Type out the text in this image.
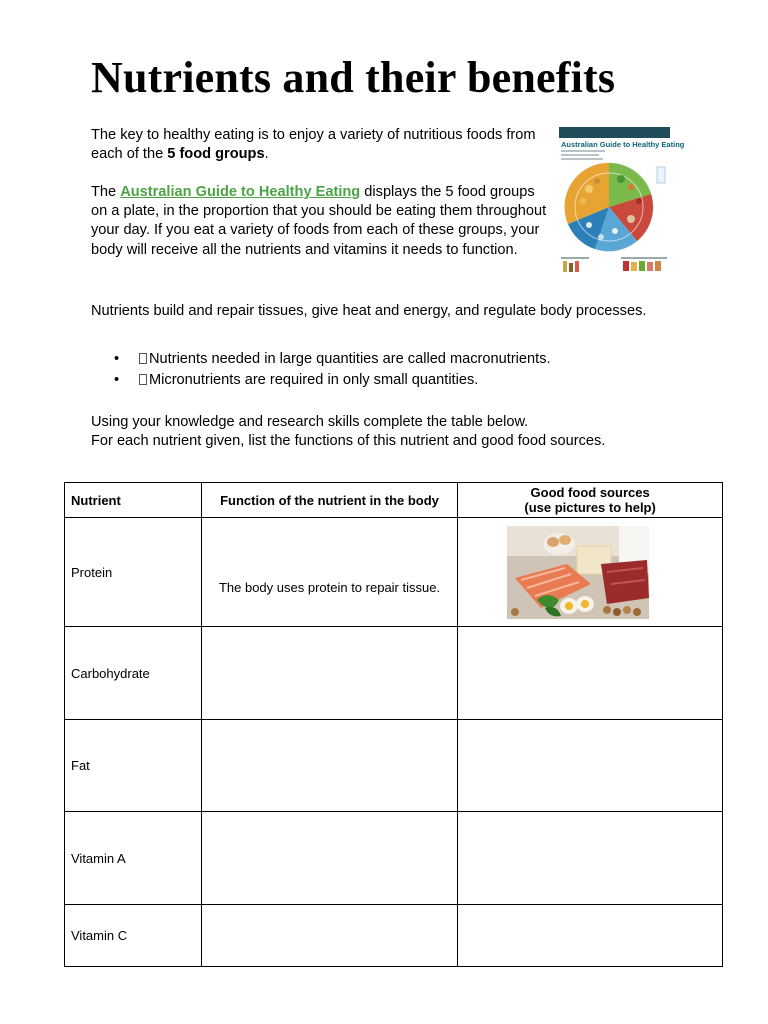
Nutrients and their benefits

The key to healthy eating is to enjoy a variety of nutritious foods from each of the 5 food groups.

The Australian Guide to Healthy Eating displays the 5 food groups on a plate, in the proportion that you should be eating them throughout your day. If you eat a variety of foods from each of these groups, your body will receive all the nutrients and vitamins it needs to function.

Australian Guide to Healthy Eating

Nutrients build and repair tissues, give heat and energy, and regulate body processes.

• Nutrients needed in large quantities are called macronutrients.
• Micronutrients are required in only small quantities.

Using your knowledge and research skills complete the table below.
For each nutrient given, list the functions of this nutrient and good food sources.

Nutrient	Function of the nutrient in the body	Good food sources
(use pictures to help)
Protein	The body uses protein to repair tissue.	

Carbohydrate		
Fat		
Vitamin A		
Vitamin C		
